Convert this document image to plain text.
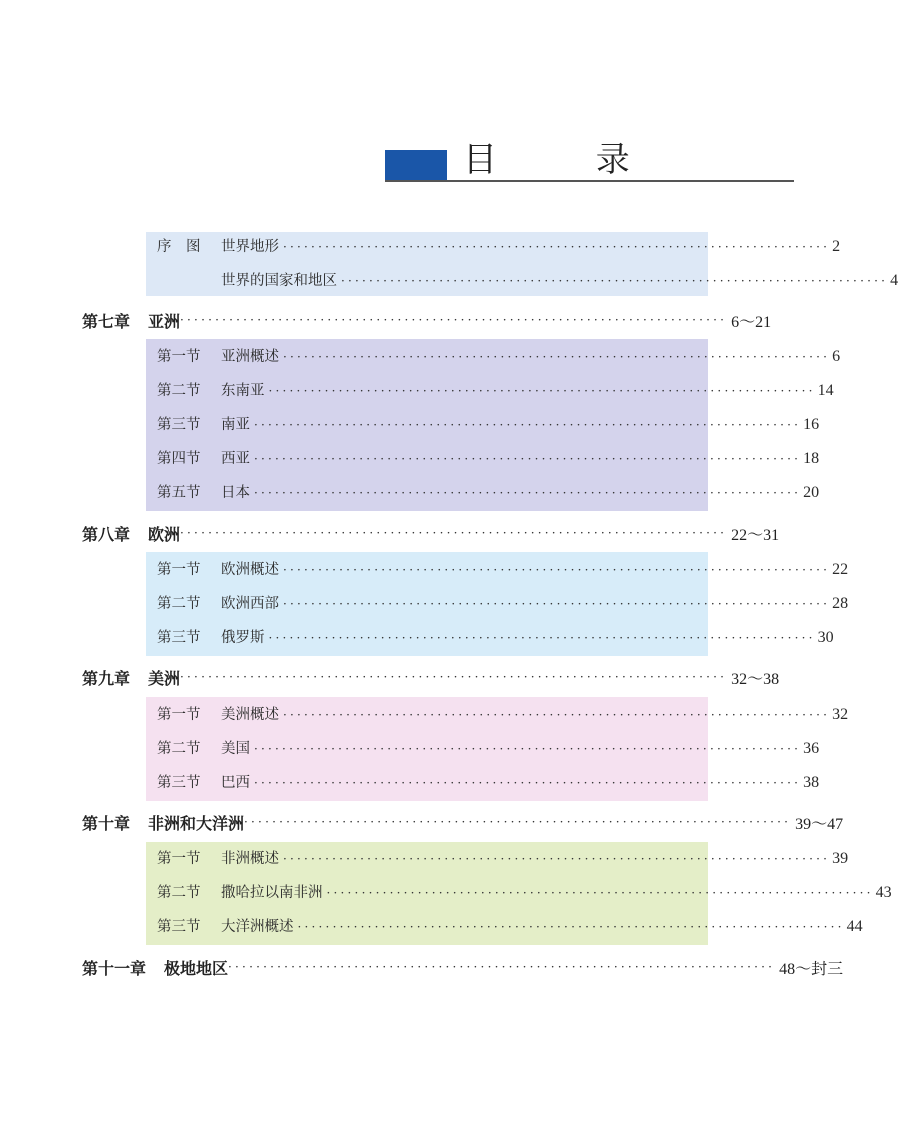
目 录
序　图	世界地形 ·············································································· 2
世界的国家和地区 ·············································································· 4
第七章	亚洲 ·············································································· 6～21
第一节	亚洲概述 ·············································································· 6
第二节	东南亚 ·············································································· 14
第三节	南亚 ·············································································· 16
第四节	西亚 ·············································································· 18
第五节	日本 ·············································································· 20
第八章	欧洲 ·············································································· 22～31
第一节	欧洲概述 ·············································································· 22
第二节	欧洲西部 ·············································································· 28
第三节	俄罗斯 ·············································································· 30
第九章	美洲 ·············································································· 32～38
第一节	美洲概述 ·············································································· 32
第二节	美国 ·············································································· 36
第三节	巴西 ·············································································· 38
第十章	非洲和大洋洲 ·············································································· 39～47
第一节	非洲概述 ·············································································· 39
第二节	撒哈拉以南非洲 ·············································································· 43
第三节	大洋洲概述 ·············································································· 44
第十一章	极地地区 ·············································································· 48～封三
